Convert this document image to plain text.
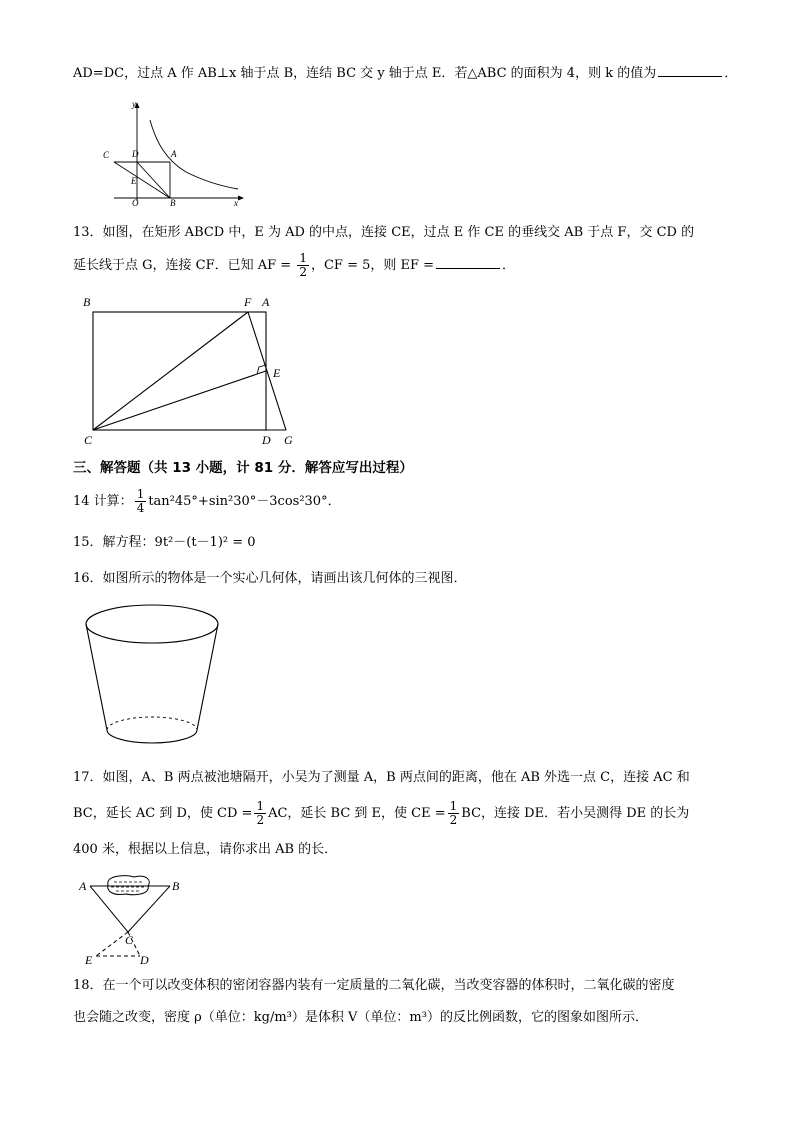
AD=DC，过点 A 作 AB⊥x 轴于点 B，连结 BC 交 y 轴于点 E．若△ABC 的面积为 4，则 k 的值为	．
y
x
C	D	A
E
O	B
13．如图，在矩形 ABCD 中，E 为 AD 的中点，连接 CE，过点 E 作 CE 的垂线交 AB 于点 F，交 CD 的
延长线于点 G，连接 CF．已知 AF = $\frac{1}{2}$ ，CF = 5，则 EF =	．
B	F A
E
C	D G
三、解答题（共 13 小题，计 81 分．解答应写出过程）
14 计算： $\frac{1}{4} \tan^245^\circ+\sin^230^\circ-3\cos^230^\circ$．
15．解方程：9t²－(t－1)² = 0
16．如图所示的物体是一个实心几何体，请画出该几何体的三视图．
17．如图，A、B 两点被池塘隔开，小吴为了测量 A，B 两点间的距离，他在 AB 外选一点 C，连接 AC 和
BC，延长 AC 到 D，使 CD = $\frac{1}{2}$ AC，延长 BC 到 E，使 CE = $\frac{1}{2}$ BC，连接 DE．若小吴测得 DE 的长为
400 米，根据以上信息，请你求出 AB 的长．
A	B
C
E	D
18．在一个可以改变体积的密闭容器内装有一定质量的二氧化碳，当改变容器的体积时，二氧化碳的密度
也会随之改变，密度 ρ（单位：kg/m³）是体积 V（单位：m³）的反比例函数，它的图象如图所示．
